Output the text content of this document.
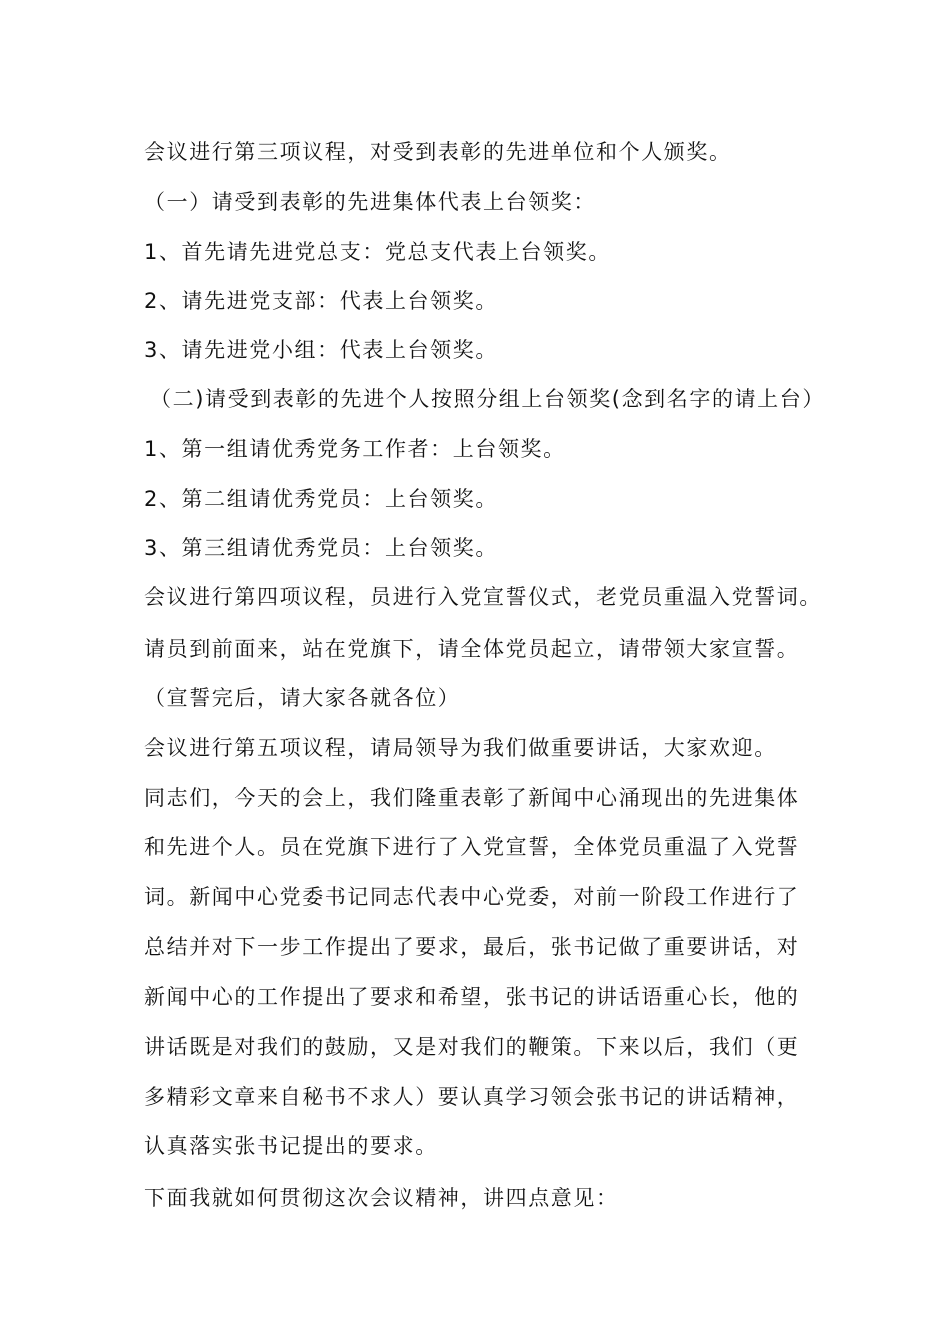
会议进行第三项议程，对受到表彰的先进单位和个人颁奖。

（一）请受到表彰的先进集体代表上台领奖：

1、首先请先进党总支：党总支代表上台领奖。

2、请先进党支部：代表上台领奖。

3、请先进党小组：代表上台领奖。

（二)请受到表彰的先进个人按照分组上台领奖(念到名字的请上台）

1、第一组请优秀党务工作者：上台领奖。

2、第二组请优秀党员：上台领奖。

3、第三组请优秀党员：上台领奖。

会议进行第四项议程，员进行入党宣誓仪式，老党员重温入党誓词。

请员到前面来，站在党旗下，请全体党员起立，请带领大家宣誓。

（宣誓完后，请大家各就各位）

会议进行第五项议程，请局领导为我们做重要讲话，大家欢迎。

同志们，今天的会上，我们隆重表彰了新闻中心涌现出的先进集体

和先进个人。员在党旗下进行了入党宣誓，全体党员重温了入党誓

词。新闻中心党委书记同志代表中心党委，对前一阶段工作进行了

总结并对下一步工作提出了要求，最后，张书记做了重要讲话，对

新闻中心的工作提出了要求和希望，张书记的讲话语重心长，他的

讲话既是对我们的鼓励，又是对我们的鞭策。下来以后，我们（更

多精彩文章来自秘书不求人）要认真学习领会张书记的讲话精神，

认真落实张书记提出的要求。

下面我就如何贯彻这次会议精神，讲四点意见：
